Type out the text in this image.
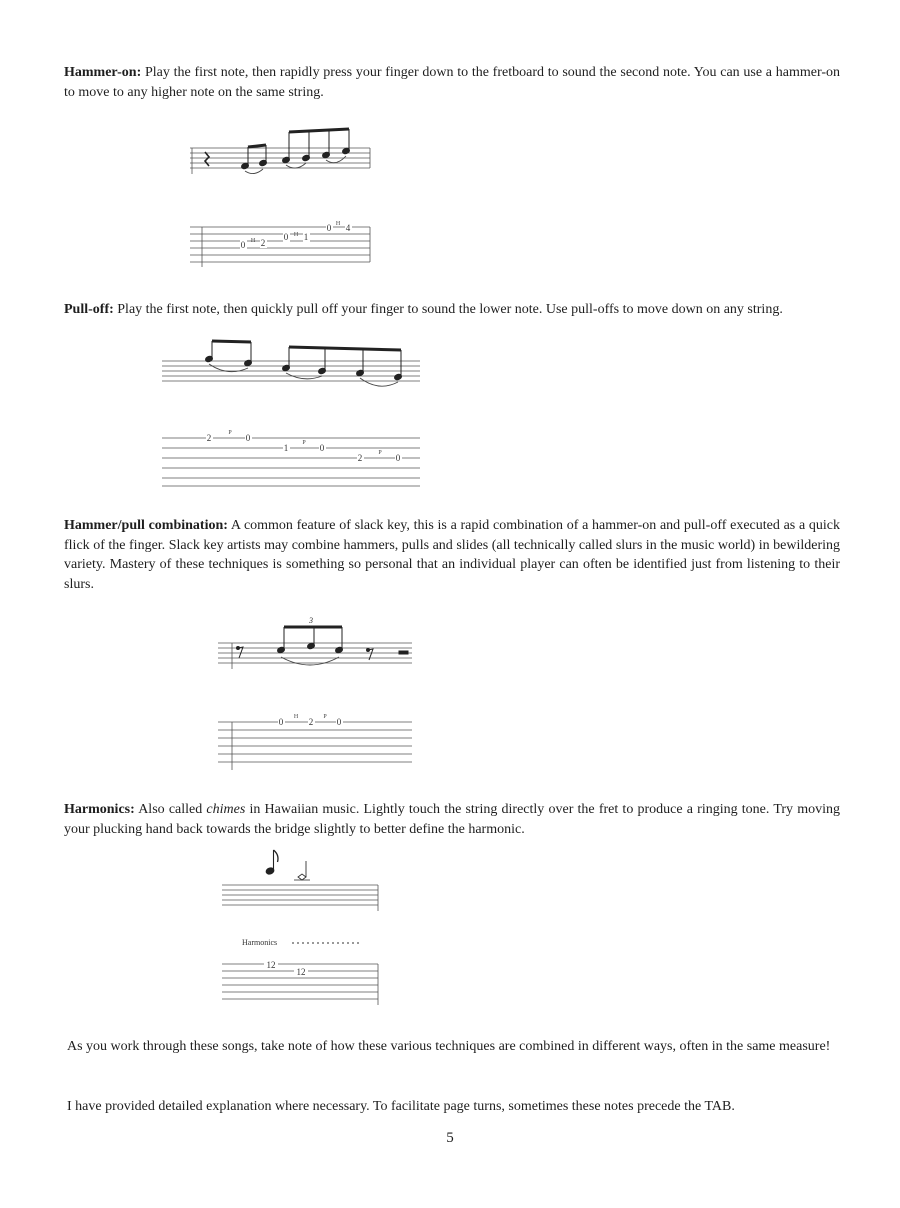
Hammer-on: Play the first note, then rapidly press your finger down to the fretboard to sound the second note. You can use a hammer-on to move to any higher note on the same string.

0 2
0 1
0 4
H
H
H

Pull-off: Play the first note, then quickly pull off your finger to sound the lower note. Use pull-offs to move down on any string.

2	0
1	0
2	0
P
P
P

Hammer/pull combination: A common feature of slack key, this is a rapid combination of a hammer-on and pull-off executed as a quick flick of the finger. Slack key artists may combine hammers, pulls and slides (all technically called slurs in the music world) in bewildering variety. Mastery of these techniques is something so personal that an individual player can often be identified just from listening to their slurs.

3
0	2	0
H	P

Harmonics: Also called chimes in Hawaiian music. Lightly touch the string directly over the fret to produce a ringing tone. Try moving your plucking hand back towards the bridge slightly to better define the harmonic.

Harmonics
12
12

As you work through these songs, take note of how these various techniques are combined in different ways, often in the same measure!

I have provided detailed explanation where necessary. To facilitate page turns, sometimes these notes precede the TAB.

5
